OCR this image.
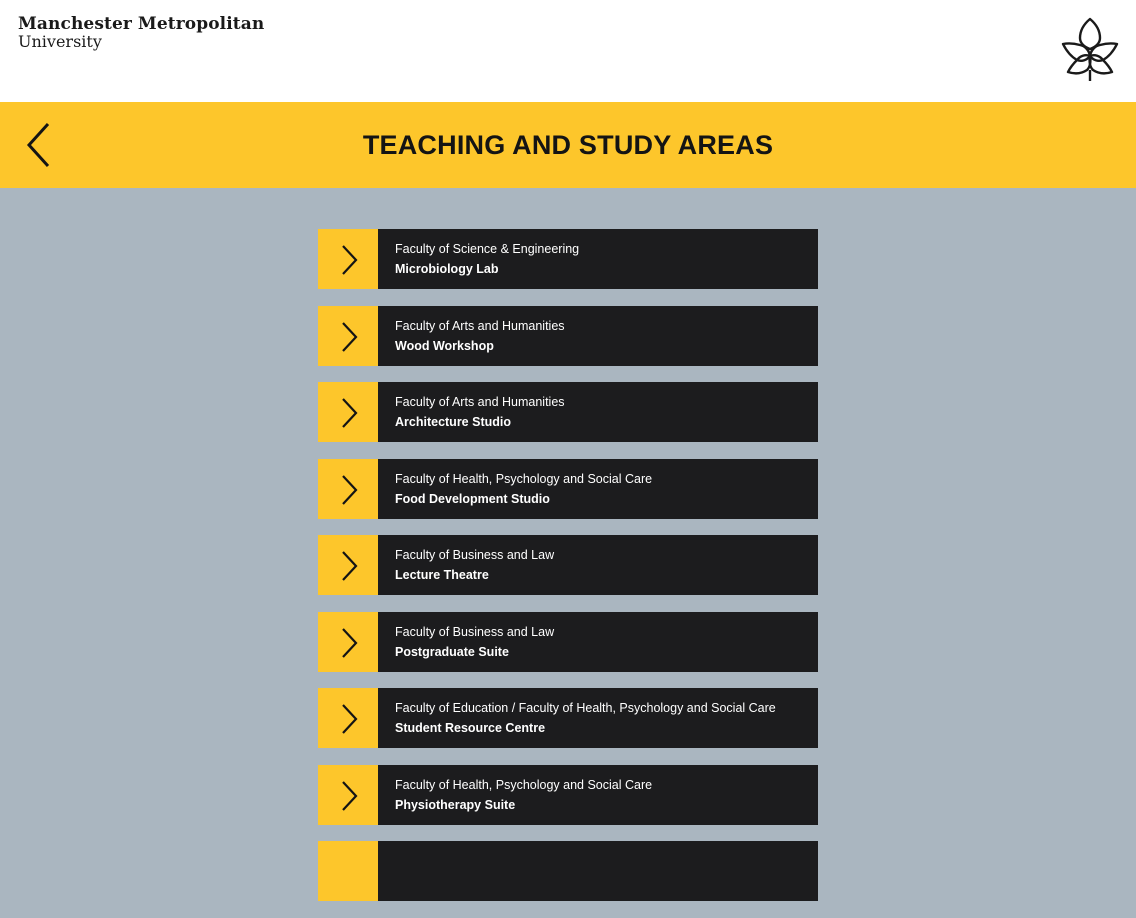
Manchester Metropolitan
University
TEACHING AND STUDY AREAS
Faculty of Science & Engineering
Microbiology Lab
Faculty of Arts and Humanities
Wood Workshop
Faculty of Arts and Humanities
Architecture Studio
Faculty of Health, Psychology and Social Care
Food Development Studio
Faculty of Business and Law
Lecture Theatre
Faculty of Business and Law
Postgraduate Suite
Faculty of Education / Faculty of Health, Psychology and Social Care
Student Resource Centre
Faculty of Health, Psychology and Social Care
Physiotherapy Suite
